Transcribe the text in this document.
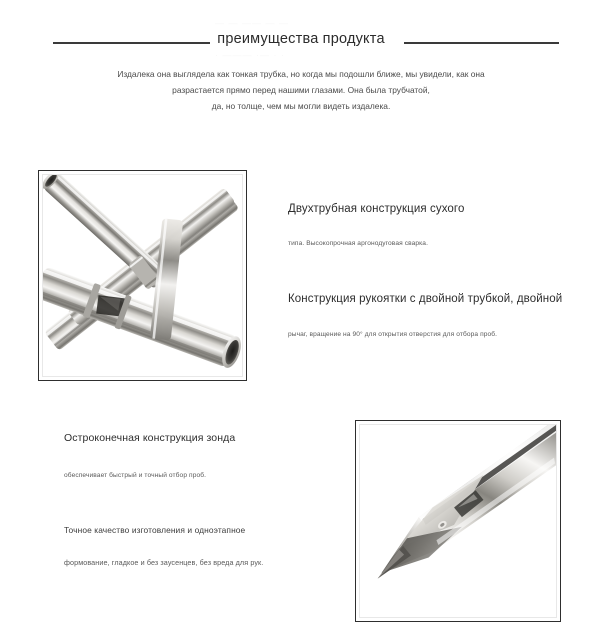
— — —— — —
преимущества продукта
· ——— ·— · ·
Издалека она выглядела как тонкая трубка, но когда мы подошли ближе, мы увидели, как она
разрастается прямо перед нашими глазами. Она была трубчатой,
да, но толще, чем мы могли видеть издалека.
Двухтрубная конструкция сухого
типа. Высокопрочная аргонодуговая сварка.
Конструкция рукоятки с двойной трубкой, двойной
рычаг, вращение на 90° для открытия отверстия для отбора проб.
Остроконечная конструкция зонда
обеспечивает быстрый и точный отбор проб.
Точное качество изготовления и одноэтапное
формование, гладкое и без заусенцев, без вреда для рук.
